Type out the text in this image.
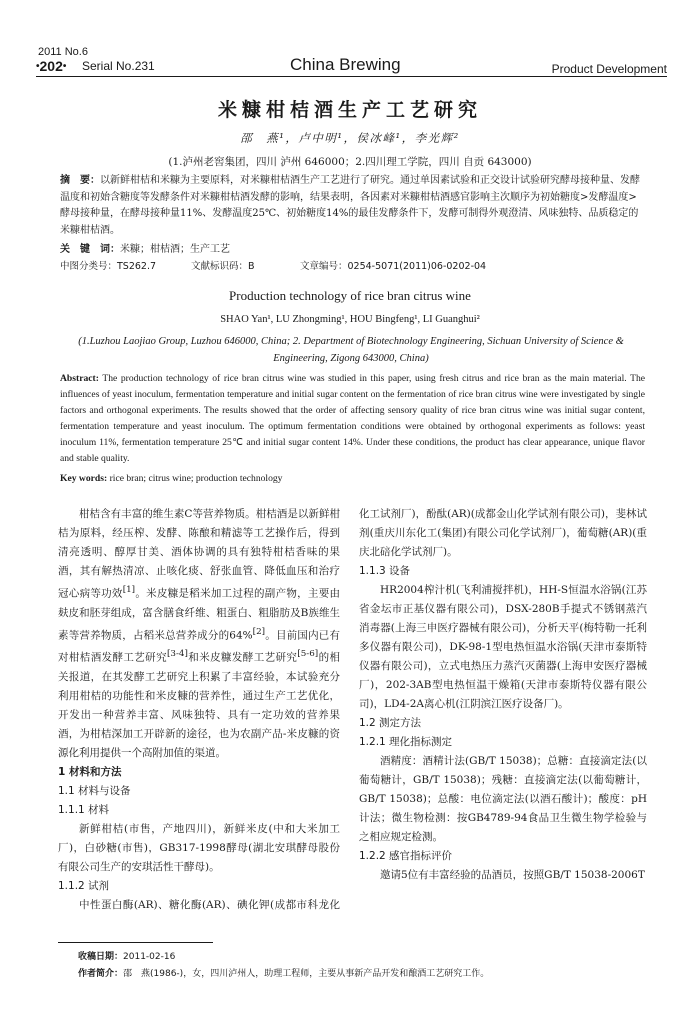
2011 No.6
•202• Serial No.231	China Brewing	Product Development
米糠柑桔酒生产工艺研究
邵　燕¹，卢中明¹，侯冰峰¹，李光辉²
(1.泸州老窖集团，四川 泸州 646000；2.四川理工学院，四川 自贡 643000)
摘　要：以新鲜柑桔和米糠为主要原料，对米糠柑桔酒生产工艺进行了研究。通过单因素试验和正交设计试验研究酵母接种量、发酵温度和初始含糖度等发酵条件对米糠柑桔酒发酵的影响，结果表明，各因素对米糠柑桔酒感官影响主次顺序为初始糖度>发酵温度>酵母接种量，在酵母接种量11%、发酵温度25℃、初始糖度14%的最佳发酵条件下，发酵可制得外观澄清、风味独特、品质稳定的米糠柑桔酒。
关　键　词：米糠；柑桔酒；生产工艺
中图分类号：TS262.7	文献标识码：B	文章编号：0254-5071(2011)06-0202-04
Production technology of rice bran citrus wine
SHAO Yan¹, LU Zhongming¹, HOU Bingfeng¹, LI Guanghui²
(1.Luzhou Laojiao Group, Luzhou 646000, China; 2. Department of Biotechnology Engineering, Sichuan University of Science &
Engineering, Zigong 643000, China)
Abstract: The production technology of rice bran citrus wine was studied in this paper, using fresh citrus and rice bran as the main material. The influences of yeast inoculum, fermentation temperature and initial sugar content on the fermentation of rice bran citrus wine were investigated by single factors and orthogonal experiments. The results showed that the order of affecting sensory quality of rice bran citrus wine was initial sugar content, fermentation temperature and yeast inoculum. The optimum fermentation conditions were obtained by orthogonal experiments as follows: yeast inoculum 11%, fermentation temperature 25℃ and initial sugar content 14%. Under these conditions, the product has clear appearance, unique flavor and stable quality.
Key words: rice bran; citrus wine; production technology

柑桔含有丰富的维生素C等营养物质。柑桔酒是以新鲜柑桔为原料，经压榨、发酵、陈酿和精滤等工艺操作后，得到清亮透明、醇厚甘美、酒体协调的具有独特柑桔香味的果酒，其有解热清凉、止咳化痰、舒张血管、降低血压和治疗冠心病等功效[1]。米皮糠是稻米加工过程的副产物，主要由麸皮和胚芽组成，富含膳食纤维、粗蛋白、粗脂肪及B族维生素等营养物质，占稻米总营养成分的64%[2]。目前国内已有对柑桔酒发酵工艺研究[3-4]和米皮糠发酵工艺研究[5-6]的相关报道，在其发酵工艺研究上积累了丰富经验，本试验充分利用柑桔的功能性和米皮糠的营养性，通过生产工艺优化，开发出一种营养丰富、风味独特、具有一定功效的营养果酒，为柑桔深加工开辟新的途径，也为农副产品-米皮糠的资源化利用提供一个高附加值的渠道。

1 材料和方法
1.1 材料与设备
1.1.1 材料

新鲜柑桔(市售，产地四川)，新鲜米皮(中和大米加工厂)，白砂糖(市售)，GB317-1998酵母(湖北安琪酵母股份有限公司生产的安琪活性干酵母)。

1.1.2 试剂

中性蛋白酶(AR)、糖化酶(AR)、碘化钾(成都市科龙化

化工试剂厂)，酚酞(AR)(成都金山化学试剂有限公司)，斐林试剂(重庆川东化工(集团)有限公司化学试剂厂)，葡萄糖(AR)(重庆北碚化学试剂厂)。

1.1.3 设备

HR2004榨汁机(飞利浦搅拌机)，HH-S恒温水浴锅(江苏省金坛市正基仪器有限公司)，DSX-280B手提式不锈钢蒸汽消毒器(上海三申医疗器械有限公司)，分析天平(梅特勒一托利多仪器有限公司)，DK-98-1型电热恒温水浴锅(天津市泰斯特仪器有限公司)，立式电热压力蒸汽灭菌器(上海申安医疗器械厂)，202-3AB型电热恒温干燥箱(天津市泰斯特仪器有限公司)，LD4-2A离心机(江阴滨江医疗设备厂)。

1.2 测定方法
1.2.1 理化指标测定

酒精度：酒精计法(GB/T 15038)；总糖：直接滴定法(以葡萄糖计，GB/T 15038)；残糖：直接滴定法(以葡萄糖计，GB/T 15038)；总酸：电位滴定法(以酒石酸计)；酸度：pH计法；微生物检测：按GB4789-94食品卫生微生物学检验与之相应规定检测。

1.2.2 感官指标评价

邀请5位有丰富经验的品酒员，按照GB/T 15038-2006T

收稿日期：2011-02-16
作者简介：邵　燕(1986-)，女，四川泸州人，助理工程师，主要从事新产品开发和酿酒工艺研究工作。
